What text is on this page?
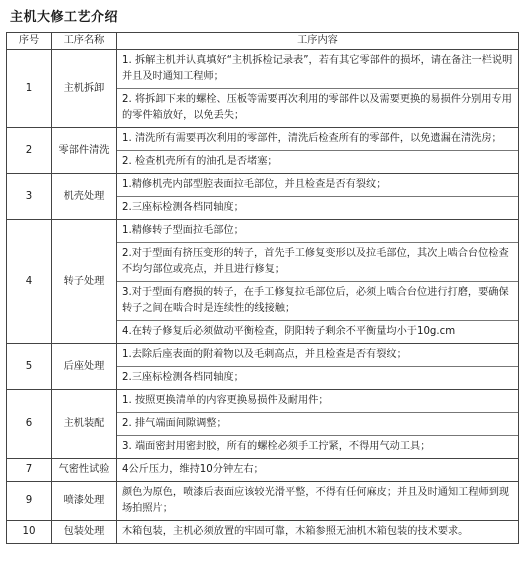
主机大修工艺介绍
序号	工序名称	工序内容
1	主机拆卸	1. 拆解主机并认真填好“主机拆检记录表”，若有其它零部件的损坏，请在备注一栏说明并且及时通知工程师；
2. 将拆卸下来的螺栓、压板等需要再次利用的零部件以及需要更换的易损件分别用专用的零件箱放好，以免丢失；

2	零部件清洗	1. 清洗所有需要再次利用的零部件，清洗后检查所有的零部件，以免遗漏在清洗房；
2. 检查机壳所有的油孔是否堵塞；

3	机壳处理	1.精修机壳内部型腔表面拉毛部位，并且检查是否有裂纹；
2.三座标检测各档同轴度；

4	转子处理	1.精修转子型面拉毛部位；
2.对于型面有挤压变形的转子，首先手工修复变形以及拉毛部位，其次上啮合台位检查不均匀部位或亮点，并且进行修复；
3.对于型面有磨损的转子，在手工修复拉毛部位后，必须上啮合台位进行打磨，要确保转子之间在啮合时是连续性的线接触；
4.在转子修复后必须做动平衡检查，阴阳转子剩余不平衡量均小于10g.cm

5	后座处理	1.去除后座表面的附着物以及毛刺高点，并且检查是否有裂纹；
2.三座标检测各档同轴度；

6	主机装配	1. 按照更换清单的内容更换易损件及耐用件；
2. 排气端面间隙调整；
3. 端面密封用密封胶，所有的螺栓必须手工拧紧，不得用气动工具；

7	气密性试验	4公斤压力，维持10分钟左右；

9	喷漆处理	颜色为原色，喷漆后表面应该较光滑平整，不得有任何麻皮；并且及时通知工程师到现场拍照片；

10	包装处理	木箱包装，主机必须放置的牢固可靠，木箱参照无油机木箱包装的技术要求。
